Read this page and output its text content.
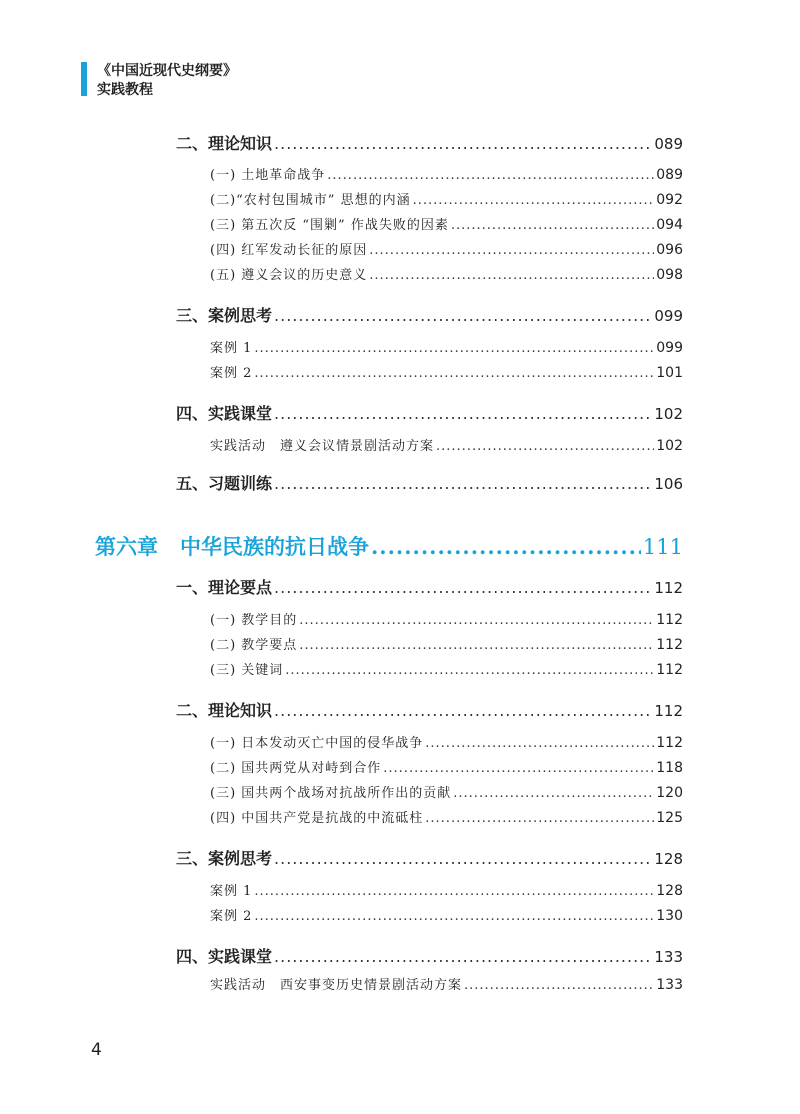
《中国近现代史纲要》
实践教程
二、理论知识 .....	089
(一) 土地革命战争 .....	089
(二)“农村包围城市” 思想的内涵 .....	092
(三) 第五次反 “围剿” 作战失败的因素 .....	094
(四) 红军发动长征的原因 .....	096
(五) 遵义会议的历史意义 .....	098
三、案例思考 .....	099
案例 1 .....	099
案例 2 .....	101
四、实践课堂 .....	102
实践活动　遵义会议情景剧活动方案 .....	102
五、习题训练 .....	106
第六章 中华民族的抗日战争 .....	111
一、理论要点 .....	112
(一) 教学目的 .....	112
(二) 教学要点 .....	112
(三) 关键词 .....	112
二、理论知识 .....	112
(一) 日本发动灭亡中国的侵华战争 .....	112
(二) 国共两党从对峙到合作 .....	118
(三) 国共两个战场对抗战所作出的贡献 .....	120
(四) 中国共产党是抗战的中流砥柱 .....	125
三、案例思考 .....	128
案例 1 .....	128
案例 2 .....	130
四、实践课堂 .....	133
实践活动　西安事变历史情景剧活动方案 .....	133
4
